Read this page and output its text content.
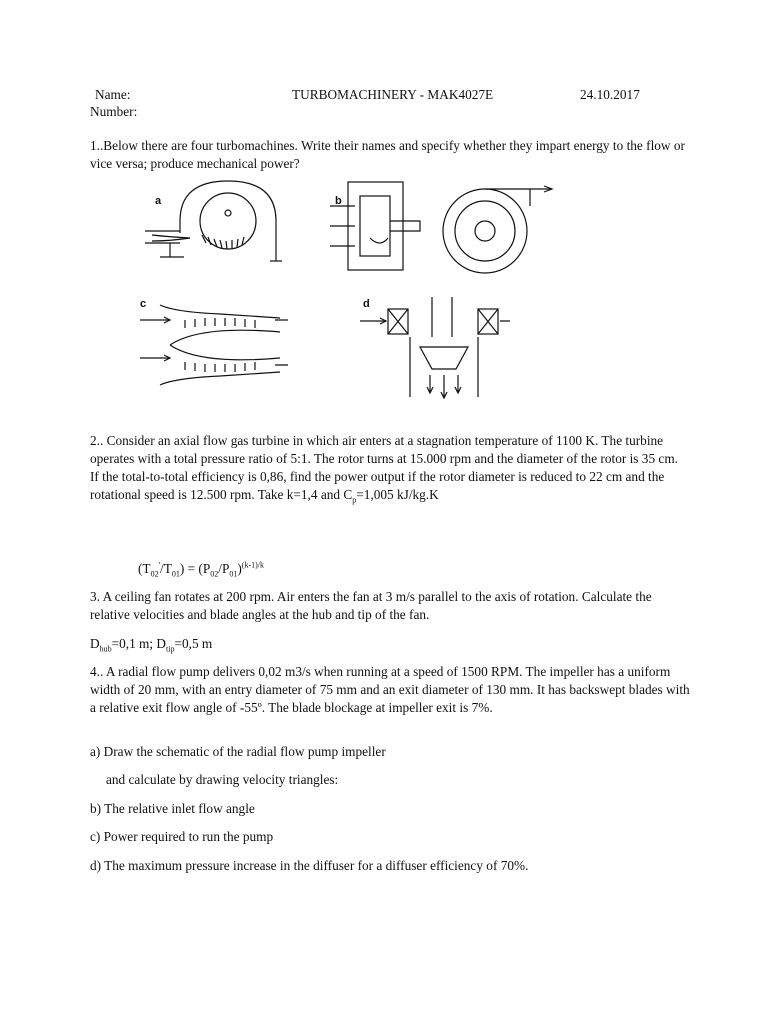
Name:	TURBOMACHINERY - MAK4027E	24.10.2017
Number:
1..Below there are four turbomachines. Write their names and specify whether they impart energy to the flow or vice versa; produce mechanical power?
a	b
c	d
2.. Consider an axial flow gas turbine in which air enters at a stagnation temperature of 1100 K. The turbine operates with a total pressure ratio of 5:1. The rotor turns at 15.000 rpm and the diameter of the rotor is 35 cm. If the total-to-total efficiency is 0,86, find the power output if the rotor diameter is reduced to 22 cm and the rotational speed is 12.500 rpm. Take k=1,4 and $C_p=1,005$ kJ/kg.K
$(T_{02}'/T_{01}) = (P_{02}/P_{01})^{(k-1)/k}$
3. A ceiling fan rotates at 200 rpm. Air enters the fan at 3 m/s parallel to the axis of rotation. Calculate the relative velocities and blade angles at the hub and tip of the fan.
$D_{hub}=0,1$ m; $D_{tip}=0,5$ m
4.. A radial flow pump delivers 0,02 m3/s when running at a speed of 1500 RPM. The impeller has a uniform width of 20 mm, with an entry diameter of 75 mm and an exit diameter of 130 mm. It has backswept blades with a relative exit flow angle of -55º. The blade blockage at impeller exit is 7%.
a) Draw the schematic of the radial flow pump impeller
and calculate by drawing velocity triangles:
b) The relative inlet flow angle
c) Power required to run the pump
d) The maximum pressure increase in the diffuser for a diffuser efficiency of 70%.
